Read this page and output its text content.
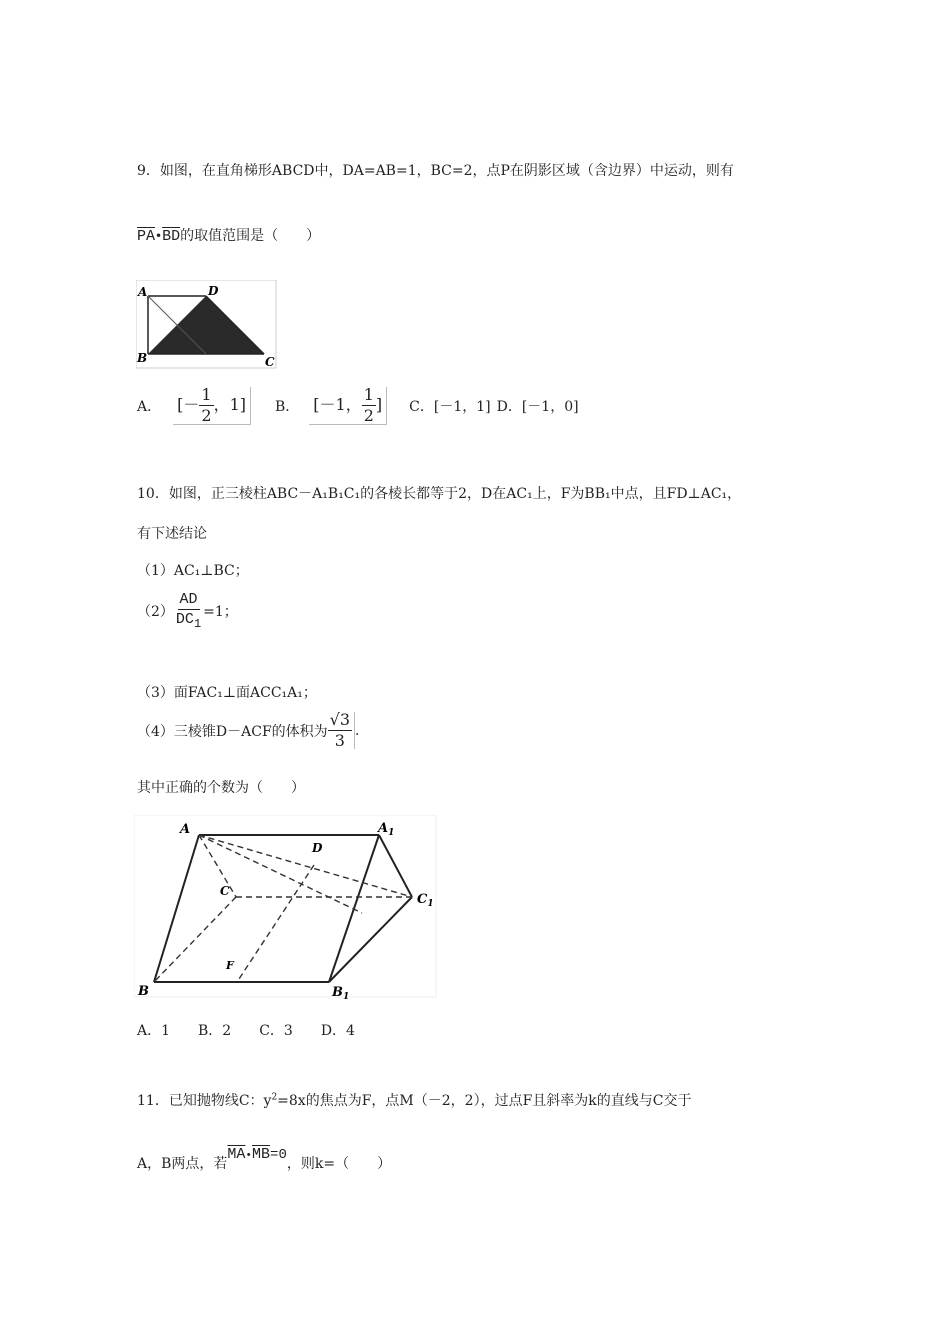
9．如图，在直角梯形ABCD中，DA=AB=1，BC=2，点P在阴影区域（含边界）中运动，则有
$\overline{PA}•\overline{BD}$的取值范围是（　　）
A	D
B	C
A． [－ $\frac{1}{2}$ ，1]	B． [－1， $\frac{1}{2}$ ]	C．[－1，1] D．[－1，0]
10．如图，正三棱柱ABC－A₁B₁C₁的各棱长都等于2，D在AC₁上，F为BB₁中点，且FD⊥AC₁，
有下述结论
（1）AC₁⊥BC；
$(2) \frac{AD}{DC_1} =1$；
（3）面FAC₁⊥面ACC₁A₁；
（4）三棱锥D－ACF的体积为 $\frac{√3}{3}$ .
其中正确的个数为（　　）
A	$A_1$
D
C
$C_1$
F
B	$B_1$
A．1　　B．2　　C．3　　D．4
11．已知抛物线C：$y^2=8x$的焦点为F，点M（－2，2），过点F且斜率为k的直线与C交于
A，B两点，若$\overline{MA}•\overline{MB}=0$，则k=（　　）
